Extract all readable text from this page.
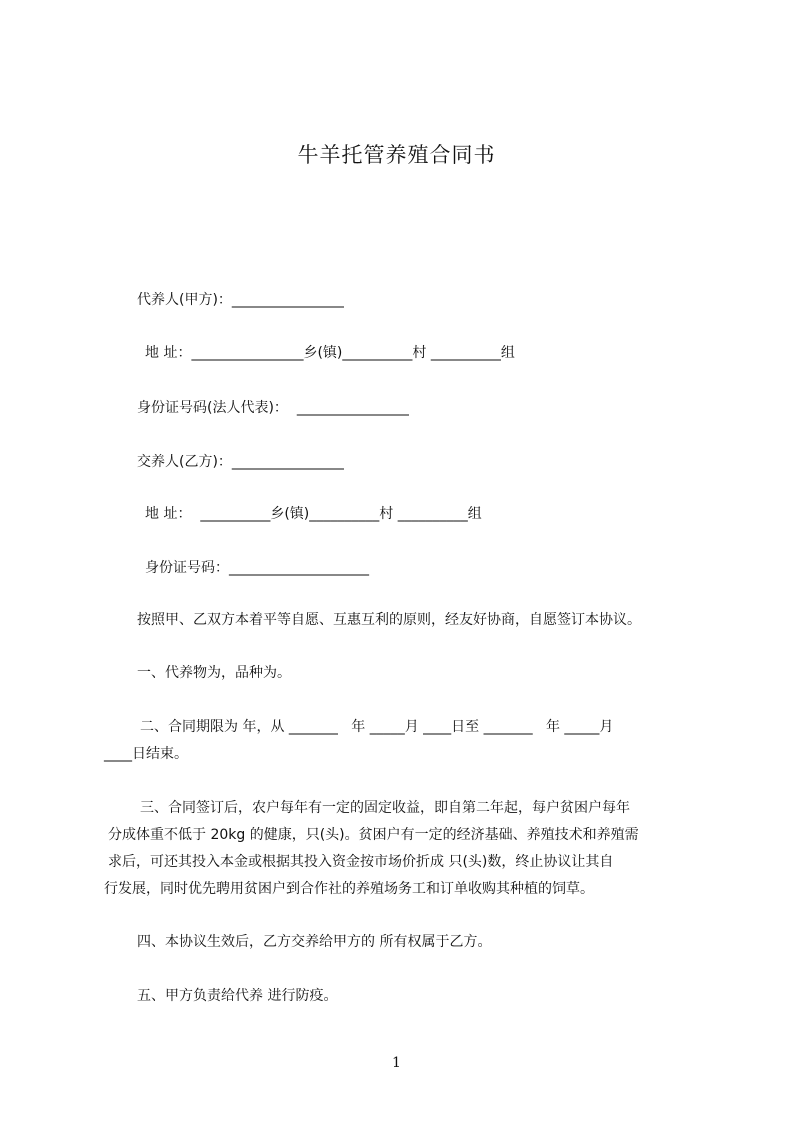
牛羊托管养殖合同书
代养人(甲方)：________________
地 址：________________乡(镇)__________村 __________组
身份证号码(法人代表)：  ________________
交养人(乙方)：________________
地 址：  __________乡(镇)__________村 __________组
身份证号码：____________________
按照甲、乙双方本着平等自愿、互惠互利的原则，经友好协商，自愿签订本协议。
一、代养物为，品种为。
二、合同期限为 年，从 _______   年 _____月 ____日至 _______   年 _____月
____日结束。
三、合同签订后，农户每年有一定的固定收益，即自第二年起，每户贫困户每年
分成体重不低于 20kg 的健康，只(头)。贫困户有一定的经济基础、养殖技术和养殖需
求后，可还其投入本金或根据其投入资金按市场价折成 只(头)数，终止协议让其自
行发展，同时优先聘用贫困户到合作社的养殖场务工和订单收购其种植的饲草。
四、本协议生效后，乙方交养给甲方的 所有权属于乙方。
五、甲方负责给代养 进行防疫。
1
